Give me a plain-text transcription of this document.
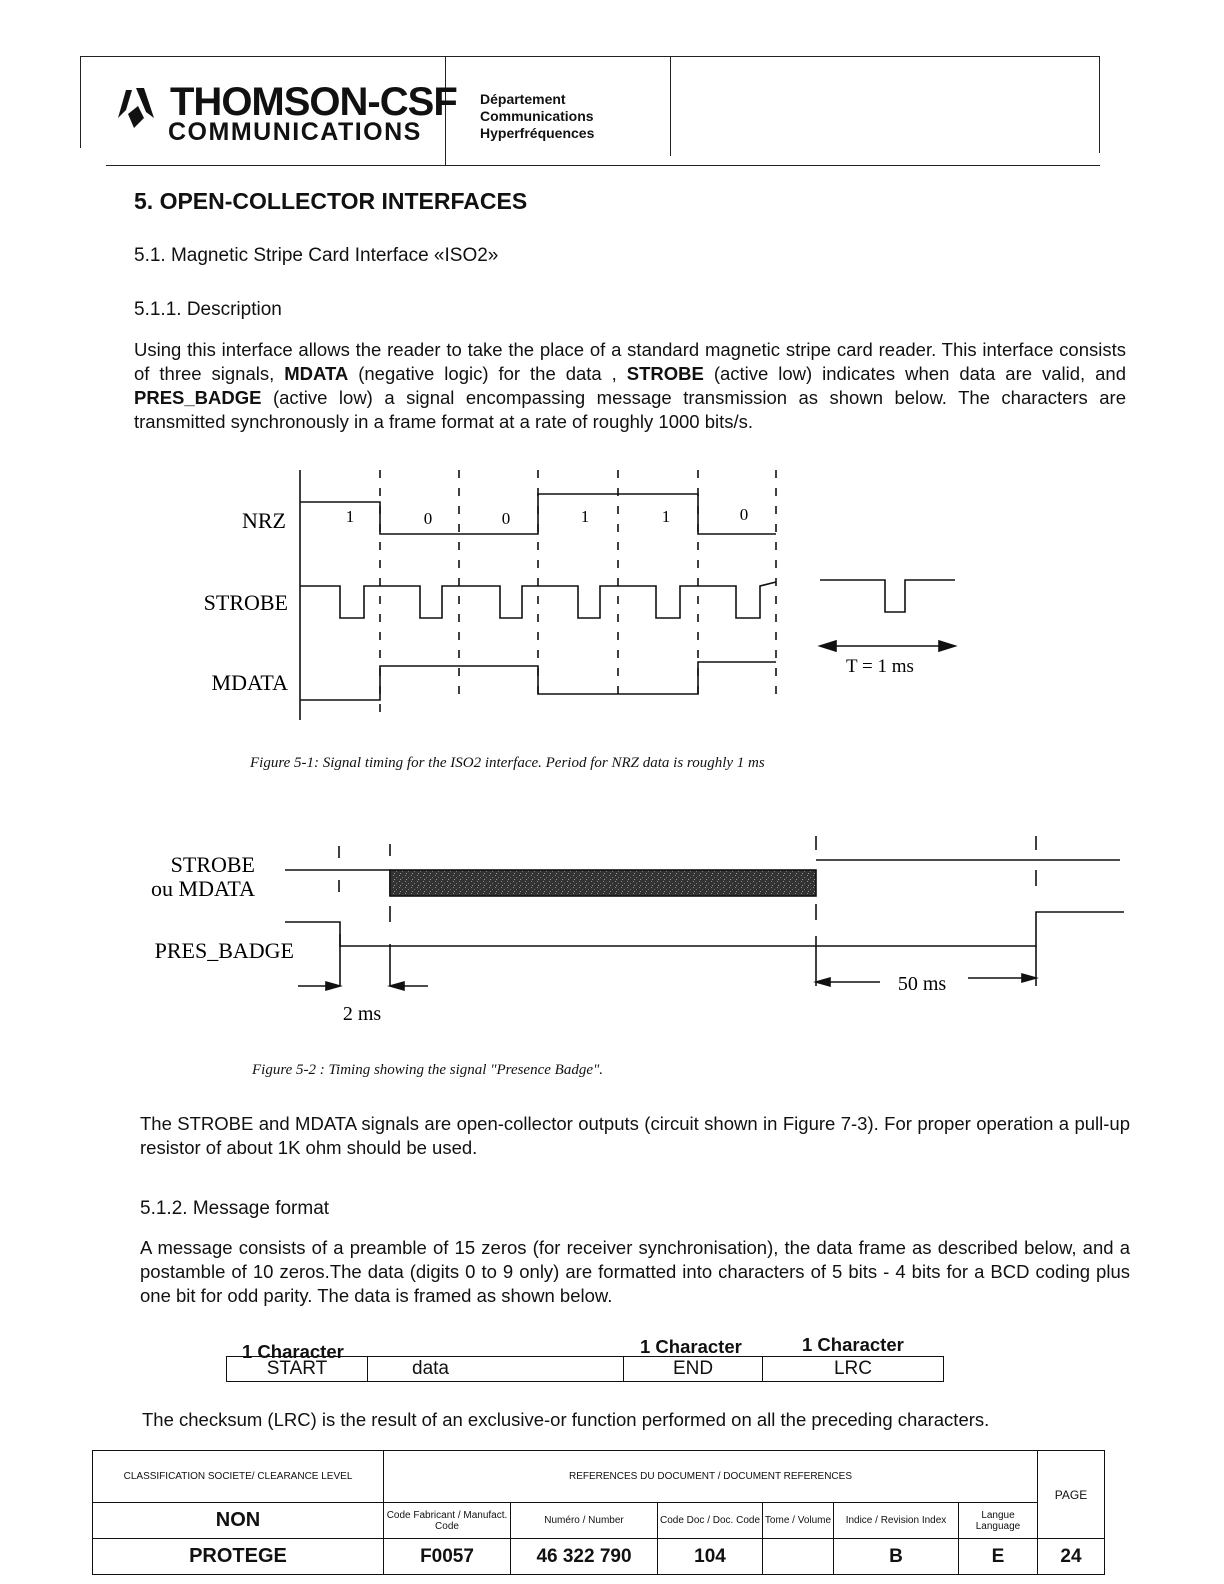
THOMSON-CSF
COMMUNICATIONS
Département
Communications
Hyperfréquences
5. OPEN-COLLECTOR INTERFACES
5.1. Magnetic Stripe Card Interface «ISO2»
5.1.1. Description
Using this interface allows the reader to take the place of a standard magnetic stripe card reader. This interface consists of three signals, MDATA (negative logic) for the data , STROBE (active low) indicates when data are valid, and PRES_BADGE (active low) a signal encompassing message transmission as shown below. The characters are transmitted synchronously in a frame format at a rate of roughly 1000 bits/s.
NRZ
STROBE
MDATA
1	0	0	1	1	0
T = 1 ms
Figure 5-1: Signal timing for the ISO2 interface. Period for NRZ data is roughly 1 ms
STROBE
ou MDATA
PRES_BADGE
2 ms
50 ms
Figure 5-2 : Timing showing the signal "Presence Badge".
The STROBE and MDATA signals are open-collector outputs (circuit shown in Figure 7-3). For proper operation a pull-up resistor of about 1K ohm should be used.
5.1.2. Message format
A message consists of a preamble of 15 zeros (for receiver synchronisation), the data frame as described below, and a postamble of 10 zeros.The data (digits 0 to 9 only) are formatted into characters of 5 bits - 4 bits for a BCD coding plus one bit for odd parity. The data is framed as shown below.
1 Character	1 Character	1 Character
START	data	END	LRC
The checksum (LRC) is the result of an exclusive-or function performed on all the preceding characters.
CLASSIFICATION SOCIETE/ CLEARANCE LEVEL	REFERENCES DU DOCUMENT / DOCUMENT REFERENCES						PAGE
NON	Code Fabricant / Manufact. Code	Numéro / Number	Code Doc / Doc. Code	Tome / Volume	Indice / Revision Index	Langue Language	
PROTEGE	F0057	46 322 790	104		B	E	24
